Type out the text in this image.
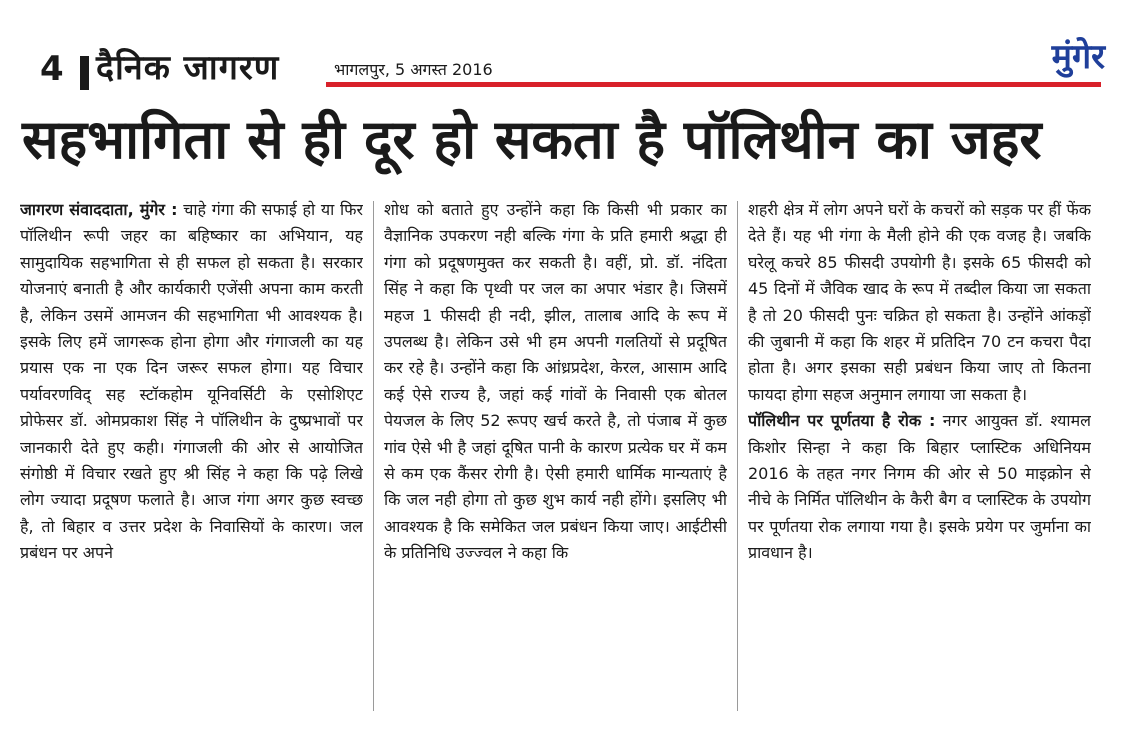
4 दैनिक जागरण	भागलपुर, 5 अगस्त 2016	मुंगेर
सहभागिता से ही दूर हो सकता है पॉलिथीन का जहर

जागरण संवाददाता, मुंगेर : चाहे गंगा की सफाई हो या फिर पॉलिथीन रूपी जहर का बहिष्कार का अभियान, यह सामुदायिक सहभागिता से ही सफल हो सकता है। सरकार योजनाएं बनाती है और कार्यकारी एजेंसी अपना काम करती है, लेकिन उसमें आमजन की सहभागिता भी आवश्यक है। इसके लिए हमें जागरूक होना होगा और गंगाजली का यह प्रयास एक ना एक दिन जरूर सफल होगा। यह विचार पर्यावरणविद् सह स्टॉकहोम यूनिवर्सिटी के एसोशिएट प्रोफेसर डॉ. ओमप्रकाश सिंह ने पॉलिथीन के दुष्प्रभावों पर जानकारी देते हुए कही। गंगाजली की ओर से आयोजित संगोष्ठी में विचार रखते हुए श्री सिंह ने कहा कि पढ़े लिखे लोग ज्यादा प्रदूषण फलाते है। आज गंगा अगर कुछ स्वच्छ है, तो बिहार व उत्तर प्रदेश के निवासियों के कारण। जल प्रबंधन पर अपने

शोध को बताते हुए उन्होंने कहा कि किसी भी प्रकार का वैज्ञानिक उपकरण नही बल्कि गंगा के प्रति हमारी श्रद्धा ही गंगा को प्रदूषणमुक्त कर सकती है। वहीं, प्रो. डॉ. नंदिता सिंह ने कहा कि पृथ्वी पर जल का अपार भंडार है। जिसमें महज 1 फीसदी ही नदी, झील, तालाब आदि के रूप में उपलब्ध है। लेकिन उसे भी हम अपनी गलतियों से प्रदूषित कर रहे है। उन्होंने कहा कि आंध्रप्रदेश, केरल, आसाम आदि कई ऐसे राज्य है, जहां कई गांवों के निवासी एक बोतल पेयजल के लिए 52 रूपए खर्च करते है, तो पंजाब में कुछ गांव ऐसे भी है जहां दूषित पानी के कारण प्रत्येक घर में कम से कम एक कैंसर रोगी है। ऐसी हमारी धार्मिक मान्यताएं है कि जल नही होगा तो कुछ शुभ कार्य नही होंगे। इसलिए भी आवश्यक है कि समेकित जल प्रबंधन किया जाए। आईटीसी के प्रतिनिधि उज्ज्वल ने कहा कि

शहरी क्षेत्र में लोग अपने घरों के कचरों को सड़क पर हीं फेंक देते हैं। यह भी गंगा के मैली होने की एक वजह है। जबकि घरेलू कचरे 85 फीसदी उपयोगी है। इसके 65 फीसदी को 45 दिनों में जैविक खाद के रूप में तब्दील किया जा सकता है तो 20 फीसदी पुनः चक्रित हो सकता है। उन्होंने आंकड़ों की जुबानी में कहा कि शहर में प्रतिदिन 70 टन कचरा पैदा होता है। अगर इसका सही प्रबंधन किया जाए तो कितना फायदा होगा सहज अनुमान लगाया जा सकता है।

पॉलिथीन पर पूर्णतया है रोक : नगर आयुक्त डॉ. श्यामल किशोर सिन्हा ने कहा कि बिहार प्लास्टिक अधिनियम 2016 के तहत नगर निगम की ओर से 50 माइक्रोन से नीचे के निर्मित पॉलिथीन के कैरी बैग व प्लास्टिक के उपयोग पर पूर्णतया रोक लगाया गया है। इसके प्रयेग पर जुर्माना का प्रावधान है।
